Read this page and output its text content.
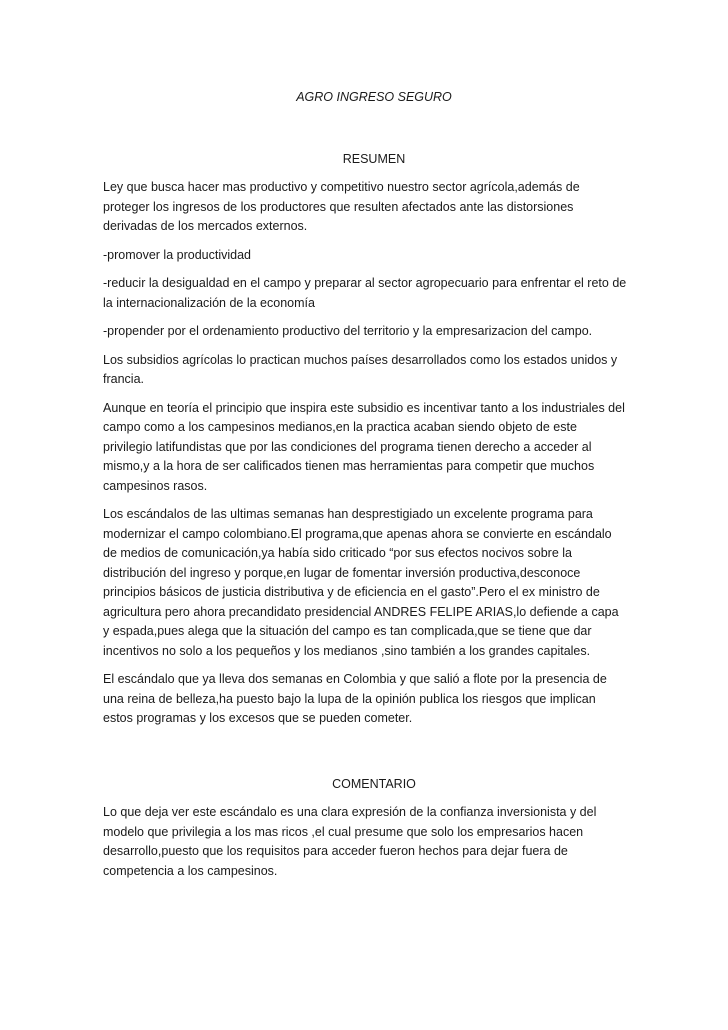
AGRO INGRESO SEGURO
RESUMEN

Ley que busca hacer mas productivo y competitivo nuestro sector agrícola,además de proteger los ingresos de los productores que resulten afectados ante las distorsiones derivadas de los mercados externos.

-promover la productividad

-reducir la desigualdad en el campo y preparar al sector agropecuario para enfrentar el reto de la internacionalización de la economía

-propender por el ordenamiento productivo del territorio y la empresarizacion del campo.

Los subsidios agrícolas lo practican muchos países desarrollados como los estados unidos y francia.

Aunque en teoría el principio que inspira este subsidio es incentivar tanto a los industriales del campo como a los campesinos medianos,en la practica acaban siendo objeto de este privilegio latifundistas que por las condiciones del programa tienen derecho a acceder al mismo,y a la hora de ser calificados tienen mas herramientas para competir que muchos campesinos rasos.

Los escándalos de las ultimas semanas han desprestigiado un excelente programa para modernizar el campo colombiano.El programa,que apenas ahora se convierte en escándalo de medios de comunicación,ya había sido criticado “por sus efectos nocivos sobre la distribución del ingreso y porque,en lugar de fomentar inversión productiva,desconoce principios básicos de justicia distributiva y de eficiencia en el gasto”.Pero el ex ministro de agricultura pero ahora precandidato presidencial ANDRES FELIPE ARIAS,lo defiende a capa y espada,pues alega que la situación del campo es tan complicada,que se tiene que dar incentivos no solo a los pequeños y los medianos ,sino también a los grandes capitales.

El escándalo que ya lleva dos semanas en Colombia y que salió a flote por la presencia de una reina de belleza,ha puesto bajo la lupa de la opinión publica los riesgos que implican estos programas y los excesos que se pueden cometer.

COMENTARIO

Lo que deja ver este escándalo es una clara expresión de la confianza inversionista y del modelo que privilegia a los mas ricos ,el cual presume que solo los empresarios hacen desarrollo,puesto que los requisitos para acceder fueron hechos para dejar fuera de competencia a los campesinos.
